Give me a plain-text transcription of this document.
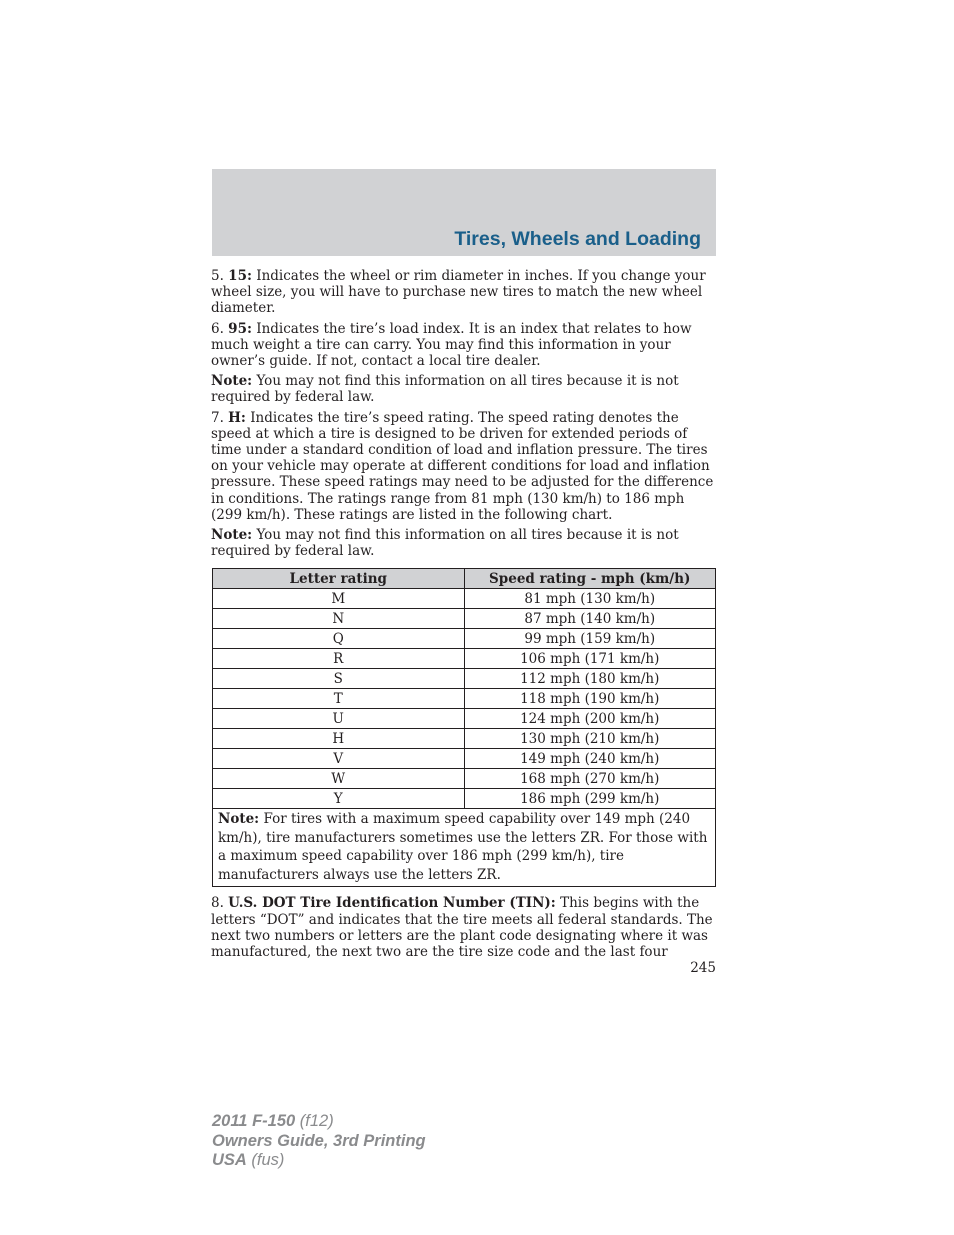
Tires, Wheels and Loading

5. 15: Indicates the wheel or rim diameter in inches. If you change your wheel size, you will have to purchase new tires to match the new wheel diameter.

6. 95: Indicates the tire’s load index. It is an index that relates to how much weight a tire can carry. You may find this information in your owner’s guide. If not, contact a local tire dealer.

Note: You may not find this information on all tires because it is not required by federal law.

7. H: Indicates the tire’s speed rating. The speed rating denotes the speed at which a tire is designed to be driven for extended periods of time under a standard condition of load and inflation pressure. The tires on your vehicle may operate at different conditions for load and inflation pressure. These speed ratings may need to be adjusted for the difference in conditions. The ratings range from 81 mph (130 km/h) to 186 mph (299 km/h). These ratings are listed in the following chart.

Note: You may not find this information on all tires because it is not required by federal law.

Letter rating	Speed rating - mph (km/h)
M	81 mph (130 km/h)
N	87 mph (140 km/h)
Q	99 mph (159 km/h)
R	106 mph (171 km/h)
S	112 mph (180 km/h)
T	118 mph (190 km/h)
U	124 mph (200 km/h)
H	130 mph (210 km/h)
V	149 mph (240 km/h)
W	168 mph (270 km/h)
Y	186 mph (299 km/h)
Note: For tires with a maximum speed capability over 149 mph (240 km/h), tire manufacturers sometimes use the letters ZR. For those with a maximum speed capability over 186 mph (299 km/h), tire manufacturers always use the letters ZR.	

8. U.S. DOT Tire Identification Number (TIN): This begins with the letters “DOT” and indicates that the tire meets all federal standards. The next two numbers or letters are the plant code designating where it was manufactured, the next two are the tire size code and the last four

245
2011 F-150 (f12)
Owners Guide, 3rd Printing
USA (fus)
